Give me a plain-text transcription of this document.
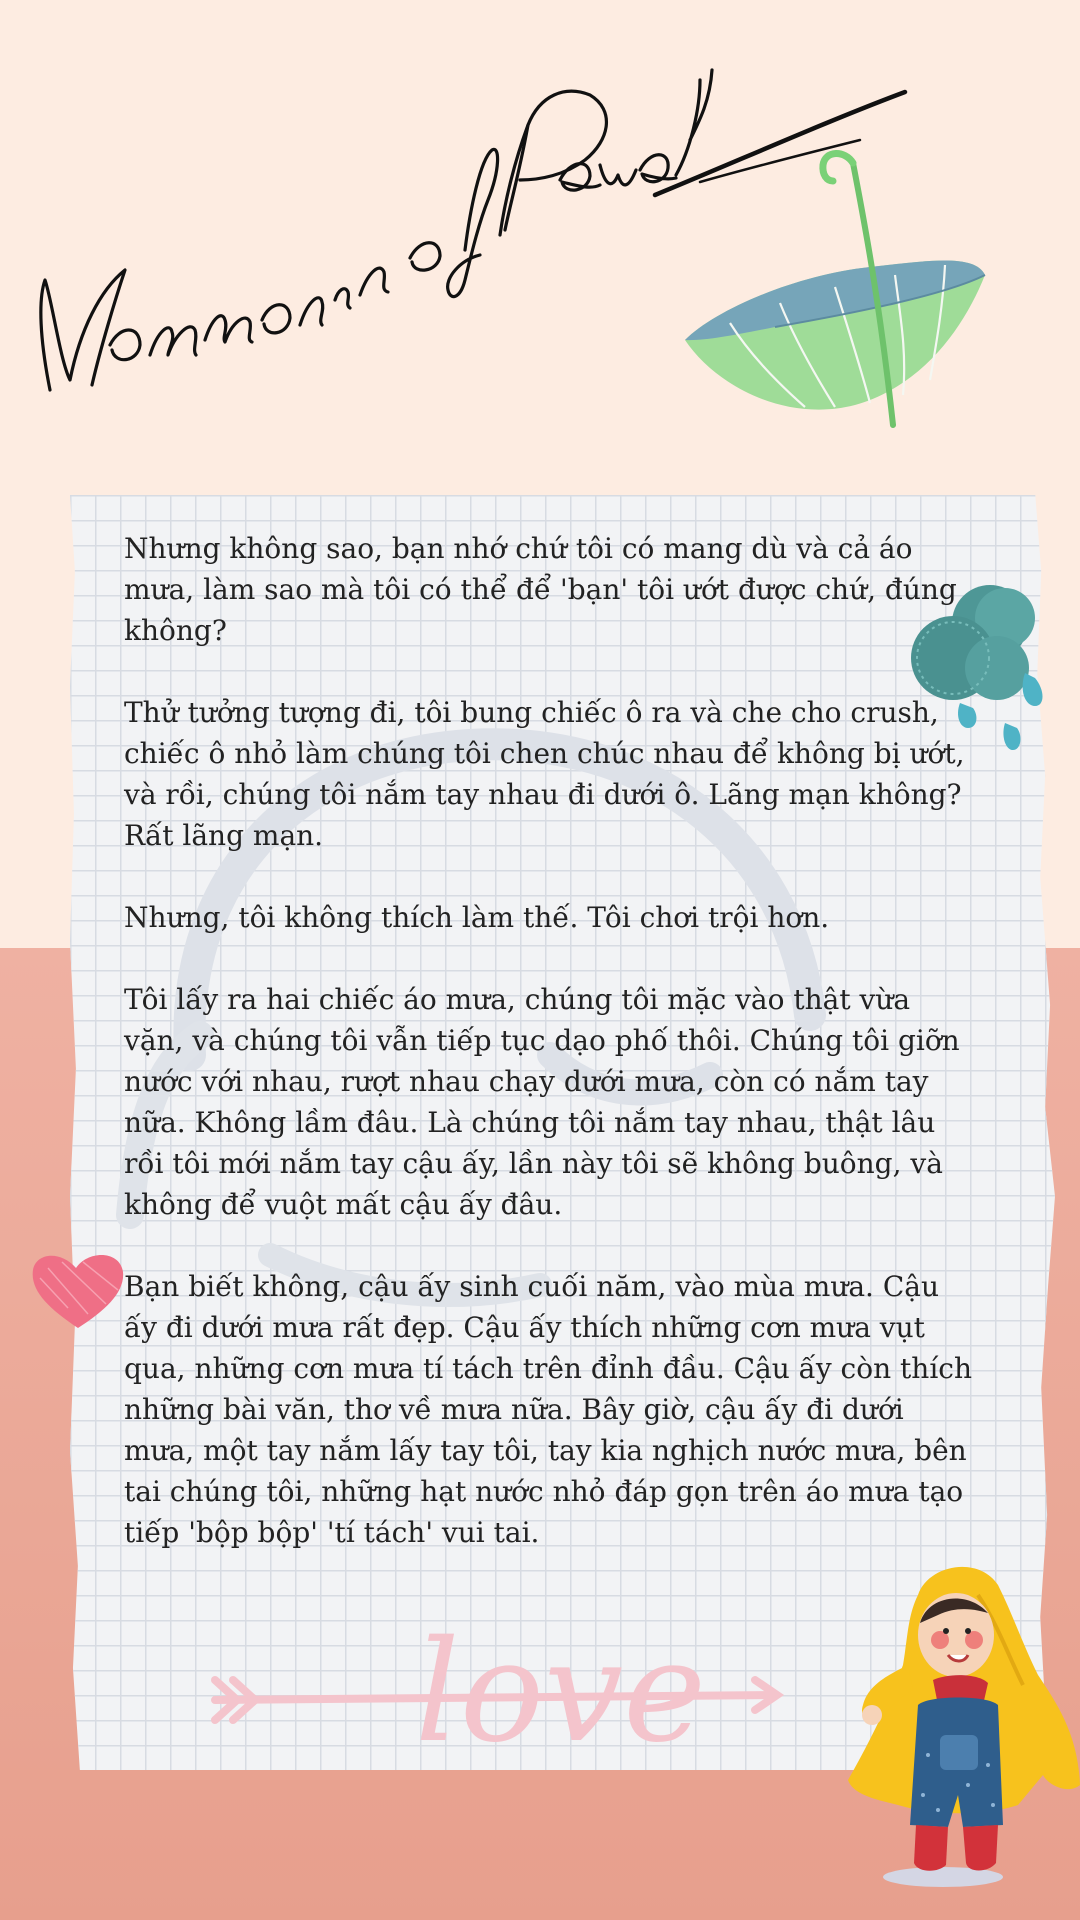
Nhưng không sao, bạn nhớ chứ tôi có mang dù và cả áo mưa, làm sao mà tôi có thể để 'bạn' tôi ướt được chứ, đúng không?

Thử tưởng tượng đi, tôi bung chiếc ô ra và che cho crush, chiếc ô nhỏ làm chúng tôi chen chúc nhau để không bị ướt, và rồi, chúng tôi nắm tay nhau đi dưới ô. Lãng mạn không? Rất lãng mạn.

Nhưng, tôi không thích làm thế. Tôi chơi trội hơn.

Tôi lấy ra hai chiếc áo mưa, chúng tôi mặc vào thật vừa vặn, và chúng tôi vẫn tiếp tục dạo phố thôi. Chúng tôi giỡn nước với nhau, rượt nhau chạy dưới mưa, còn có nắm tay nữa. Không lầm đâu. Là chúng tôi nắm tay nhau, thật lâu rồi tôi mới nắm tay cậu ấy, lần này tôi sẽ không buông, và không để vuột mất cậu ấy đâu.

Bạn biết không, cậu ấy sinh cuối năm, vào mùa mưa. Cậu ấy đi dưới mưa rất đẹp. Cậu ấy thích những cơn mưa vụt qua, những cơn mưa tí tách trên đỉnh đầu. Cậu ấy còn thích những bài văn, thơ về mưa nữa. Bây giờ, cậu ấy đi dưới mưa, một tay nắm lấy tay tôi, tay kia nghịch nước mưa, bên tai chúng tôi, những hạt nước nhỏ đáp gọn trên áo mưa tạo tiếp 'bộp bộp' 'tí tách' vui tai.

love
